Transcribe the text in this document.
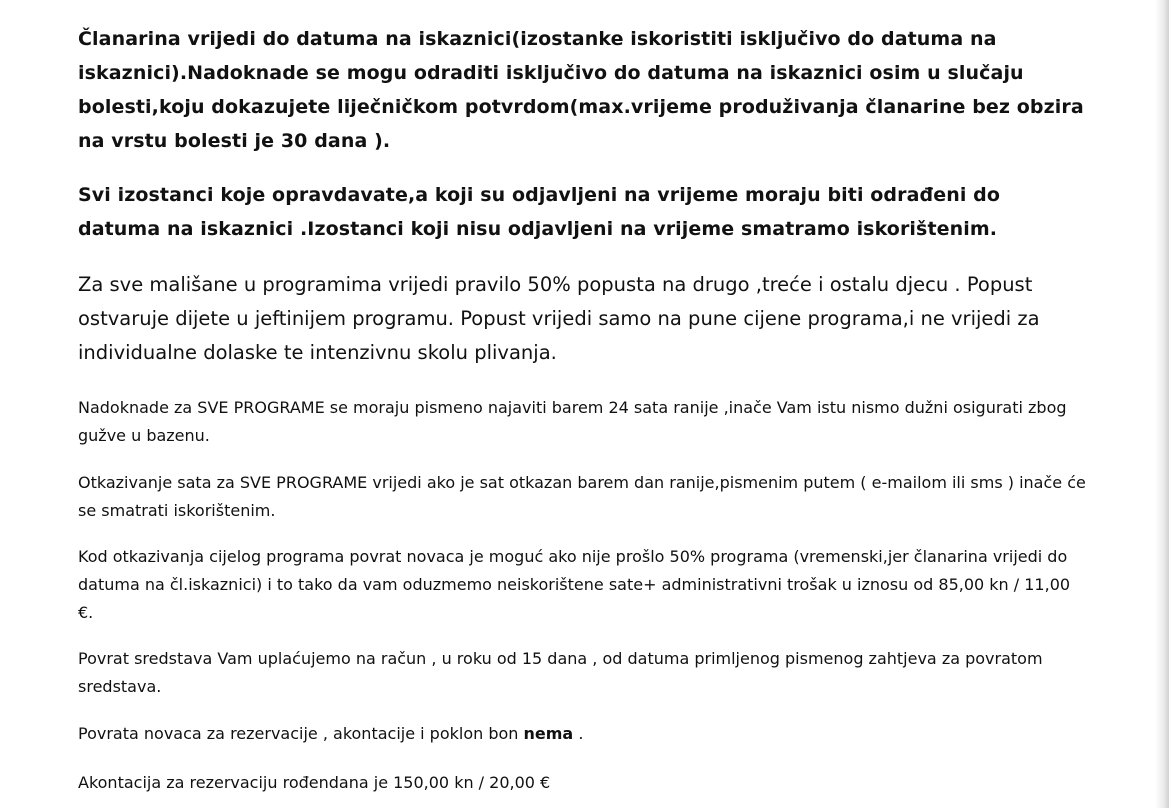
Članarina vrijedi do datuma na iskaznici(izostanke iskoristiti isključivo do datuma na iskaznici).Nadoknade se mogu odraditi isključivo do datuma na iskaznici osim u slučaju bolesti,koju dokazujete liječničkom potvrdom(max.vrijeme produživanja članarine bez obzira na vrstu bolesti je 30 dana ).

Svi izostanci koje opravdavate,a koji su odjavljeni na vrijeme moraju biti odrađeni do datuma na iskaznici .Izostanci koji nisu odjavljeni na vrijeme smatramo iskorištenim.

Za sve mališane u programima vrijedi pravilo 50% popusta na drugo ,treće i ostalu djecu . Popust ostvaruje dijete u jeftinijem programu. Popust vrijedi samo na pune cijene programa,i ne vrijedi za individualne dolaske te intenzivnu skolu plivanja.

Nadoknade za SVE PROGRAME se moraju pismeno najaviti barem 24 sata ranije ,inače Vam istu nismo dužni osigurati zbog gužve u bazenu.

Otkazivanje sata za SVE PROGRAME vrijedi ako je sat otkazan barem dan ranije,pismenim putem ( e-mailom ili sms ) inače će se smatrati iskorištenim.

Kod otkazivanja cijelog programa povrat novaca je moguć ako nije prošlo 50% programa (vremenski,jer članarina vrijedi do datuma na čl.iskaznici) i to tako da vam oduzmemo neiskorištene sate+ administrativni trošak u iznosu od 85,00 kn / 11,00 €.

Povrat sredstava Vam uplaćujemo na račun , u roku od 15 dana , od datuma primljenog pismenog zahtjeva za povratom sredstava.

Povrata novaca za rezervacije , akontacije i poklon bon nema .

Akontacija za rezervaciju rođendana je 150,00 kn / 20,00 €
